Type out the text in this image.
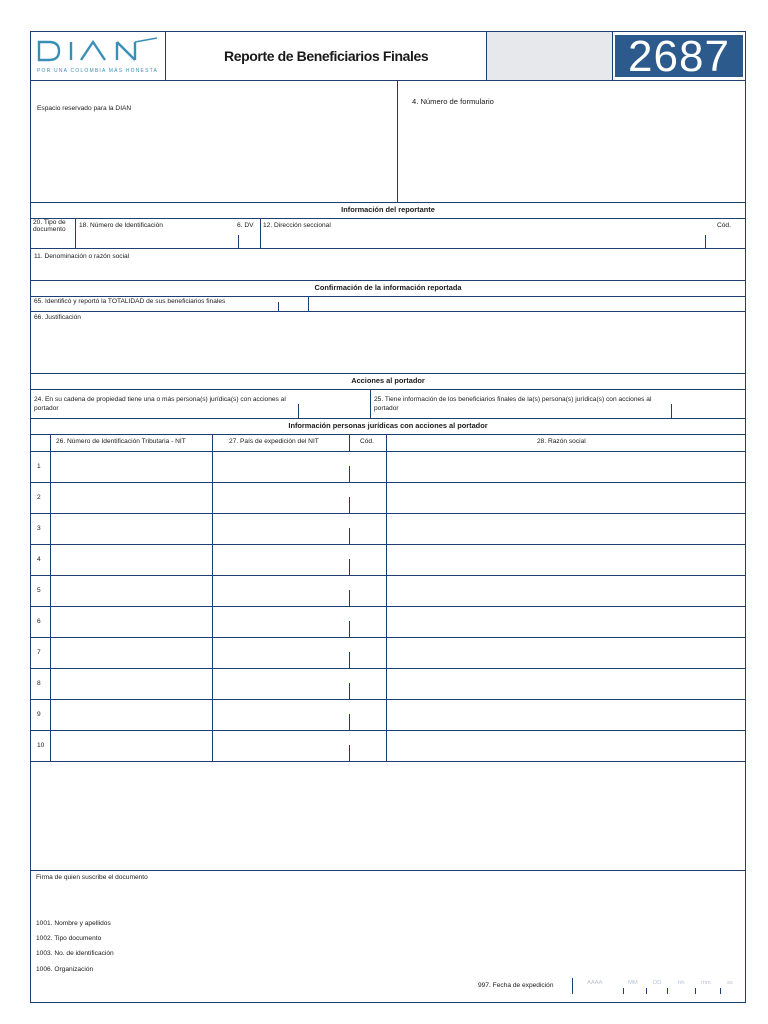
POR UNA COLOMBIA MÁS HONESTA
Reporte de Beneficiarios Finales	2687
Espacio reservado para la DIAN
4. Número de formulario
Información del reportante
20. Tipo de documento
18. Número de Identificación	6. DV 12. Dirección seccional	Cód.
11. Denominación o razón social
Confirmación de la información reportada
65. Identificó y reportó la TOTALIDAD de sus beneficiarios finales
66. Justificación
Acciones al portador
24. En su cadena de propiedad tiene una o más persona(s) jurídica(s) con acciones al portador
25. Tiene información de los beneficiarios finales de la(s) persona(s) jurídica(s) con acciones al portador
Información personas jurídicas con acciones al portador
26. Número de Identificación Tributaria - NIT	27. País de expedición del NIT	Cód.	28. Razón social
1
2
3
4
5
6
7
8
9
10
Firma de quien suscribe el documento
1001. Nombre y apellidos
1002. Tipo documento
1003. No. de identificación
1006. Organización
997. Fecha de expedición	AAAA	MM	DD	hh	mm	ss
